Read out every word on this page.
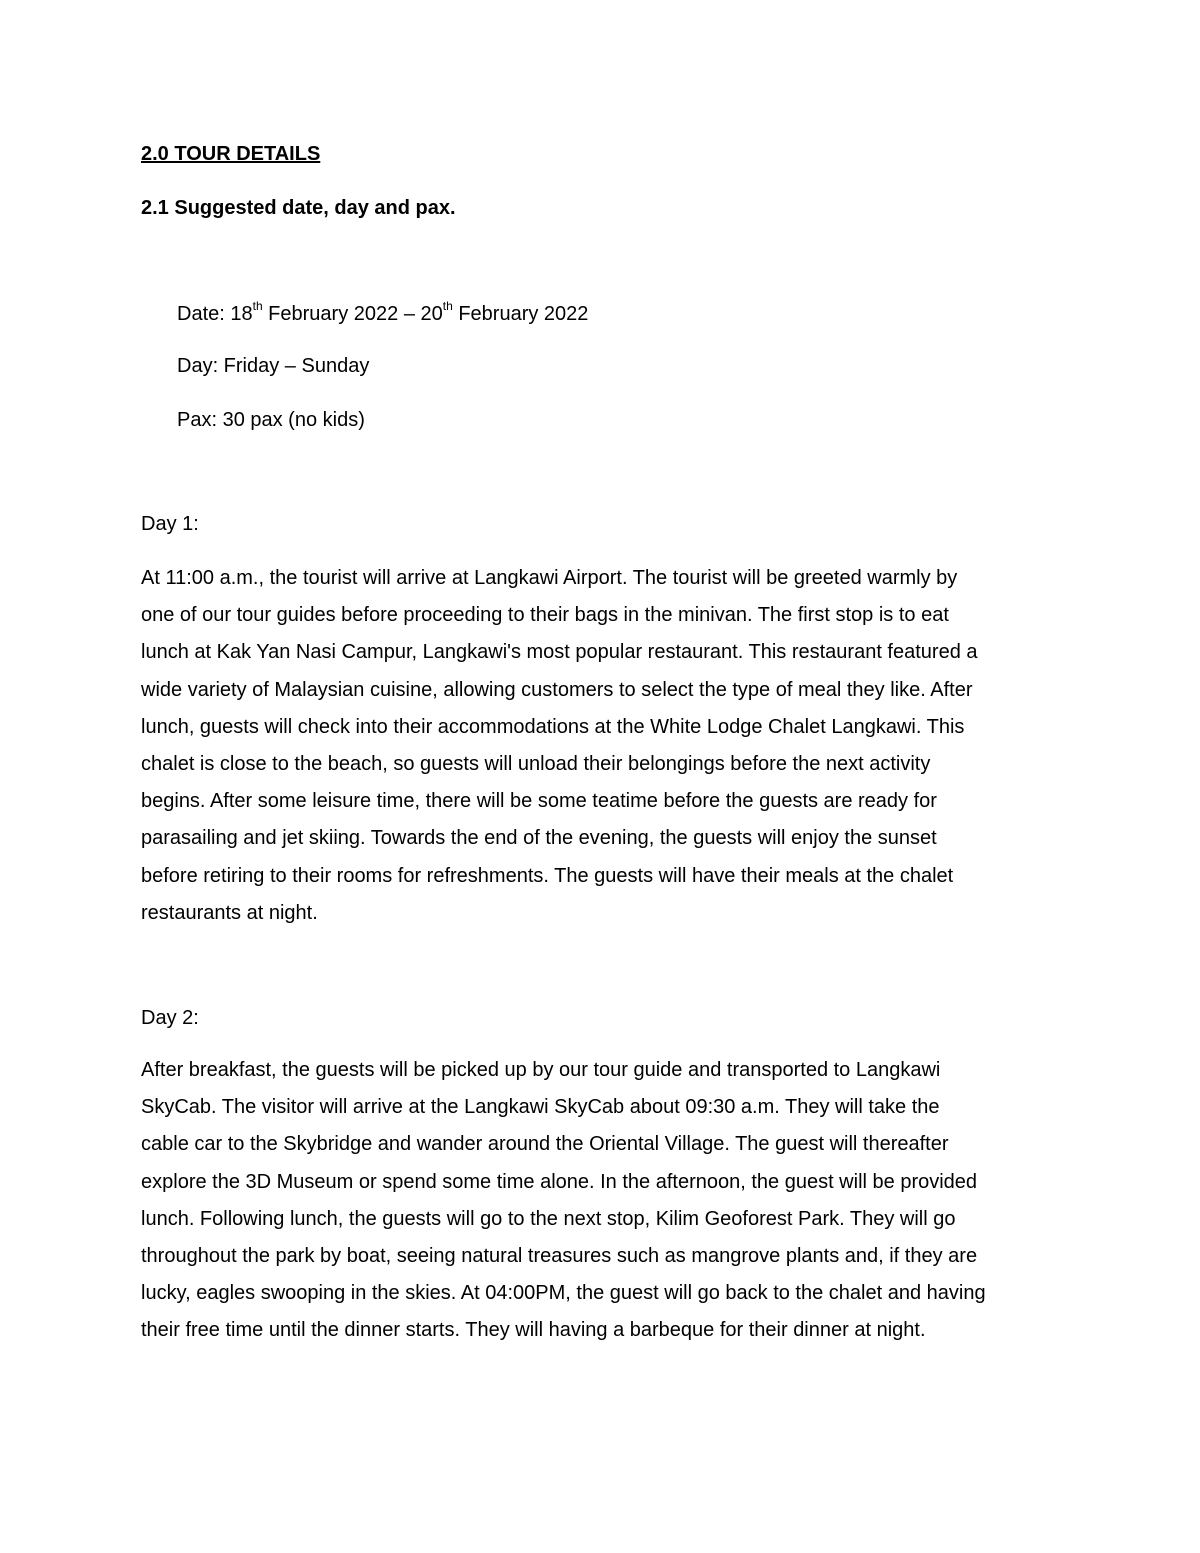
2.0 TOUR DETAILS

2.1 Suggested date, day and pax.

Date: 18th February 2022 – 20th February 2022

Day: Friday – Sunday

Pax: 30 pax (no kids)

Day 1:

At 11:00 a.m., the tourist will arrive at Langkawi Airport. The tourist will be greeted warmly by
one of our tour guides before proceeding to their bags in the minivan. The first stop is to eat
lunch at Kak Yan Nasi Campur, Langkawi's most popular restaurant. This restaurant featured a
wide variety of Malaysian cuisine, allowing customers to select the type of meal they like. After
lunch, guests will check into their accommodations at the White Lodge Chalet Langkawi. This
chalet is close to the beach, so guests will unload their belongings before the next activity
begins. After some leisure time, there will be some teatime before the guests are ready for
parasailing and jet skiing. Towards the end of the evening, the guests will enjoy the sunset
before retiring to their rooms for refreshments. The guests will have their meals at the chalet
restaurants at night.

Day 2:

After breakfast, the guests will be picked up by our tour guide and transported to Langkawi
SkyCab. The visitor will arrive at the Langkawi SkyCab about 09:30 a.m. They will take the
cable car to the Skybridge and wander around the Oriental Village. The guest will thereafter
explore the 3D Museum or spend some time alone. In the afternoon, the guest will be provided
lunch. Following lunch, the guests will go to the next stop, Kilim Geoforest Park. They will go
throughout the park by boat, seeing natural treasures such as mangrove plants and, if they are
lucky, eagles swooping in the skies. At 04:00PM, the guest will go back to the chalet and having
their free time until the dinner starts. They will having a barbeque for their dinner at night.
